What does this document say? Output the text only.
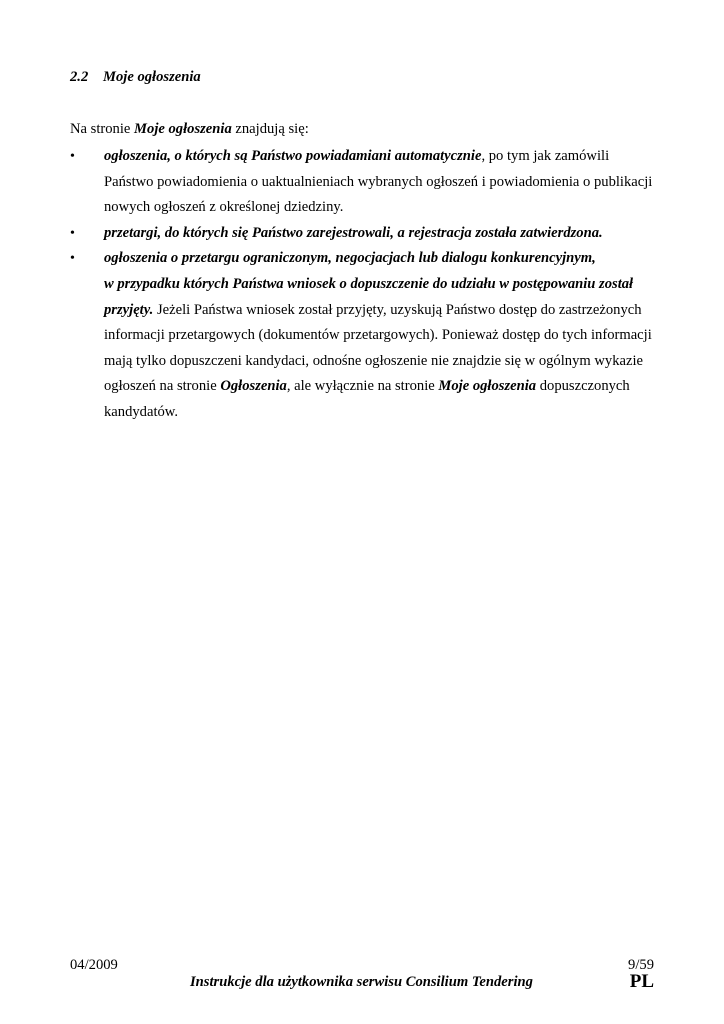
2.2 Moje ogłoszenia
Na stronie Moje ogłoszenia znajdują się:
• ogłoszenia, o których są Państwo powiadamiani automatycznie, po tym jak zamówili
Państwo powiadomienia o uaktualnieniach wybranych ogłoszeń i powiadomienia o publikacji
nowych ogłoszeń z określonej dziedziny.
• przetargi, do których się Państwo zarejestrowali, a rejestracja została zatwierdzona.
• ogłoszenia o przetargu ograniczonym, negocjacjach lub dialogu konkurencyjnym,
w przypadku których Państwa wniosek o dopuszczenie do udziału w postępowaniu został
przyjęty. Jeżeli Państwa wniosek został przyjęty, uzyskują Państwo dostęp do zastrzeżonych
informacji przetargowych (dokumentów przetargowych). Ponieważ dostęp do tych informacji
mają tylko dopuszczeni kandydaci, odnośne ogłoszenie nie znajdzie się w ogólnym wykazie
ogłoszeń na stronie Ogłoszenia, ale wyłącznie na stronie Moje ogłoszenia dopuszczonych
kandydatów.
04/2009	9/59
Instrukcje dla użytkownika serwisu Consilium Tendering	PL
